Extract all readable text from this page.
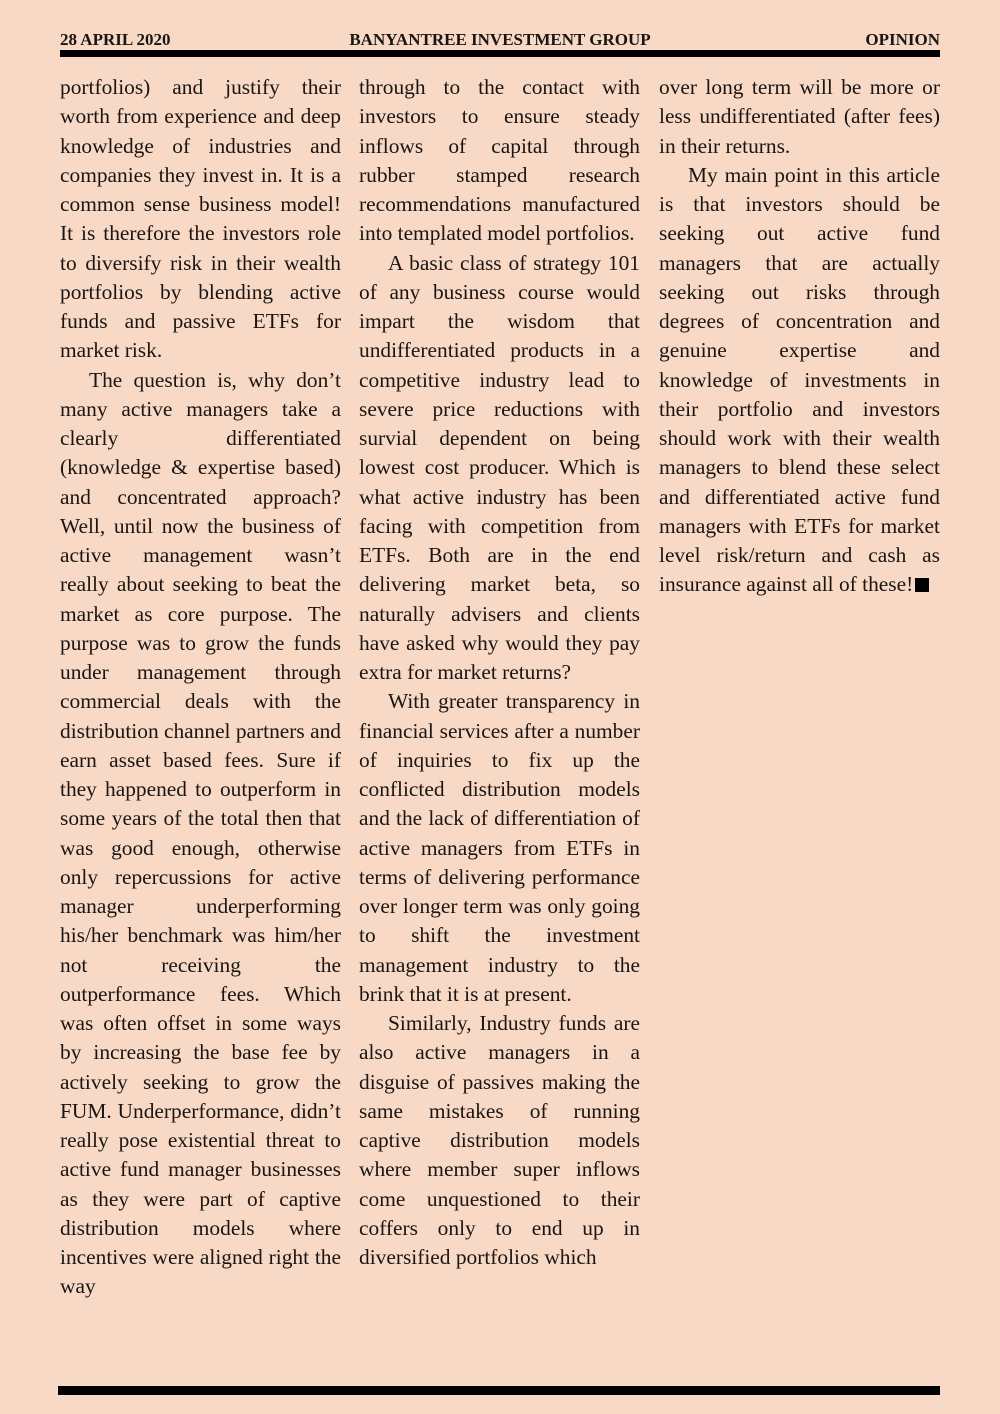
BANYANTREE INVESTMENT GROUP
28 APRIL 2020	OPINION

portfolios) and justify their worth from experience and deep knowledge of industries and companies they invest in. It is a common sense business model! It is therefore the investors role to diversify risk in their wealth portfolios by blending active funds and passive ETFs for market risk.

The question is, why don’t many active managers take a clearly differentiated (knowledge & expertise based) and concentrated approach? Well, until now the business of active management wasn’t really about seeking to beat the market as core purpose. The purpose was to grow the funds under management through commercial deals with the distribution channel partners and earn asset based fees. Sure if they happened to outperform in some years of the total then that was good enough, otherwise only repercussions for active manager underperforming his/her benchmark was him/her not receiving the outperformance fees. Which was often offset in some ways by increasing the base fee by actively seeking to grow the FUM. Underperformance, didn’t really pose existential threat to active fund manager businesses as they were part of captive distribution models where incentives were aligned right the way

through to the contact with investors to ensure steady inflows of capital through rubber stamped research recommendations manufactured into templated model portfolios.

A basic class of strategy 101 of any business course would impart the wisdom that undifferentiated products in a competitive industry lead to severe price reductions with survial dependent on being lowest cost producer. Which is what active industry has been facing with competition from ETFs. Both are in the end delivering market beta, so naturally advisers and clients have asked why would they pay extra for market returns?

With greater transparency in financial services after a number of inquiries to fix up the conflicted distribution models and the lack of differentiation of active managers from ETFs in terms of delivering performance over longer term was only going to shift the investment management industry to the brink that it is at present.

Similarly, Industry funds are also active managers in a disguise of passives making the same mistakes of running captive distribution models where member super inflows come unquestioned to their coffers only to end up in diversified portfolios which

over long term will be more or less undifferentiated (after fees) in their returns.

My main point in this article is that investors should be seeking out active fund managers that are actually seeking out risks through degrees of concentration and genuine expertise and knowledge of investments in their portfolio and investors should work with their wealth managers to blend these select and differentiated active fund managers with ETFs for market level risk/return and cash as insurance against all of these!
